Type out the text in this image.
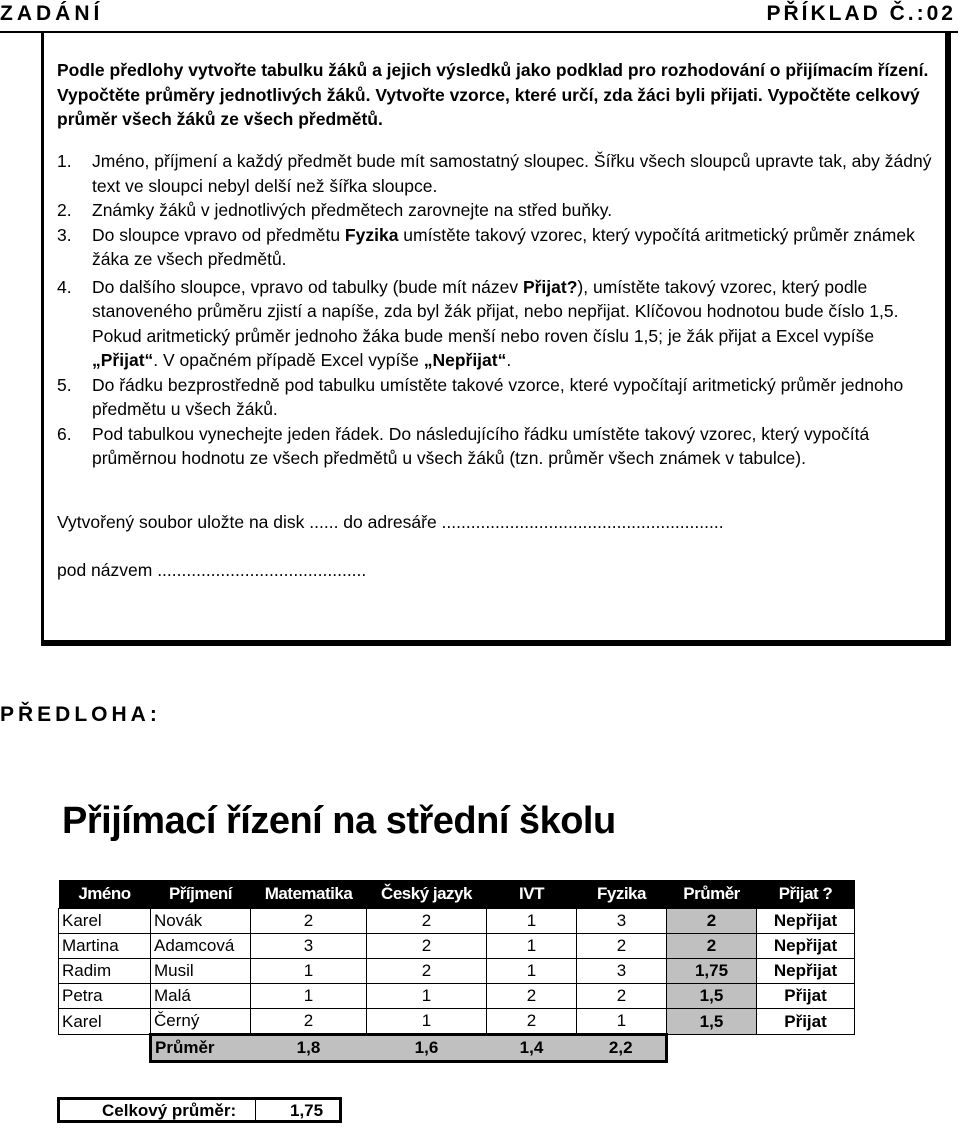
ZADÁNÍ	PŘÍKLAD Č.:02
Podle předlohy vytvořte tabulku žáků a jejich výsledků jako podklad pro rozhodování o přijímacím řízení. Vypočtěte průměry jednotlivých žáků. Vytvořte vzorce, které určí, zda žáci byli přijati. Vypočtěte celkový průměr všech žáků ze všech předmětů.
1. Jméno, příjmení a každý předmět bude mít samostatný sloupec. Šířku všech sloupců upravte tak, aby žádný text ve sloupci nebyl delší než šířka sloupce.
2. Známky žáků v jednotlivých předmětech zarovnejte na střed buňky.
3. Do sloupce vpravo od předmětu Fyzika umístěte takový vzorec, který vypočítá aritmetický průměr známek žáka ze všech předmětů.
4. Do dalšího sloupce, vpravo od tabulky (bude mít název Přijat?), umístěte takový vzorec, který podle stanoveného průměru zjistí a napíše, zda byl žák přijat, nebo nepřijat. Klíčovou hodnotou bude číslo 1,5. Pokud aritmetický průměr jednoho žáka bude menší nebo roven číslu 1,5; je žák přijat a Excel vypíše „Přijat“. V opačném případě Excel vypíše „Nepřijat“.
5. Do řádku bezprostředně pod tabulku umístěte takové vzorce, které vypočítají aritmetický průměr jednoho předmětu u všech žáků.
6. Pod tabulkou vynechejte jeden řádek. Do následujícího řádku umístěte takový vzorec, který vypočítá průměrnou hodnotu ze všech předmětů u všech žáků (tzn. průměr všech známek v tabulce).
Vytvořený soubor uložte na disk ...... do adresáře ..........................................................
pod názvem ...........................................
PŘEDLOHA:
Přijímací řízení na střední školu
Jméno	Příjmení	Matematika	Český jazyk	IVT	Fyzika	Průměr	Přijat ?
Karel	Novák	2	2	1	3	2	Nepřijat
Martina	Adamcová	3	2	1	2	2	Nepřijat
Radim	Musil	1	2	1	3	1,75	Nepřijat
Petra	Malá	1	1	2	2	1,5	Přijat
Karel	Černý	2	1	2	1	1,5	Přijat
	Průměr	1,8	1,6	1,4	2,2		
Celkový průměr:	1,75
